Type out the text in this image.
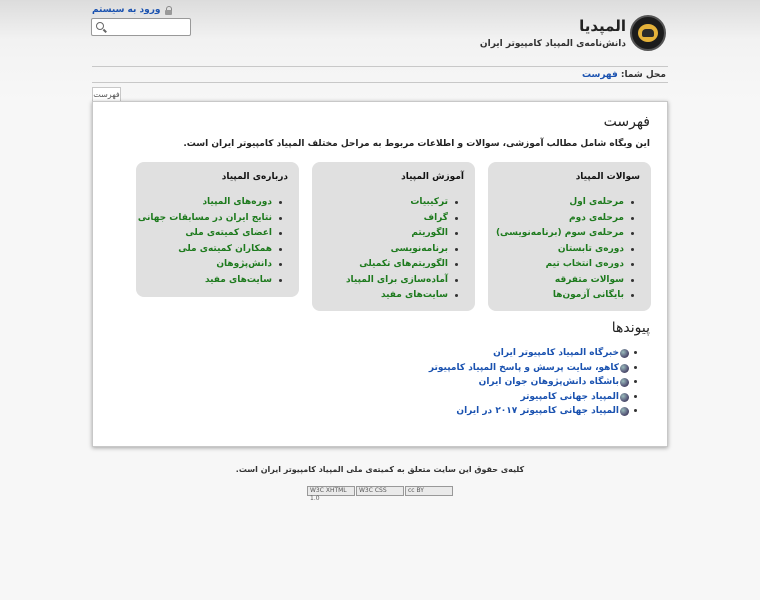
المپدیا
دانش‌نامه‌ی المپیاد کامپیوتر ایران
ورود به سیستم
محل شما: فهرست
فهرست
فهرست
این وبگاه شامل مطالب آموزشی، سوالات و اطلاعات مربوط به مراحل مختلف المپیاد کامپیوتر ایران است.
سوالات المپیاد
مرحله‌ی اول
مرحله‌ی دوم
مرحله‌ی سوم (برنامه‌نویسی)
دوره‌ی تابستان
دوره‌ی انتخاب تیم
سوالات متفرقه
بایگانی آزمون‌ها
آموزش المپیاد
ترکیبیات
گراف
الگوریتم
برنامه‌نویسی
الگوریتم‌های تکمیلی
آماده‌سازی برای المپیاد
سایت‌های مفید
درباره‌ی المپیاد
دوره‌های المپیاد
نتایج ایران در مسابقات جهانی
اعضای کمیته‌ی ملی
همکاران کمیته‌ی ملی
دانش‌پژوهان
سایت‌های مفید
پیوندها
خبرگاه المپیاد کامپیوتر ایران
کاهو، سایت پرسش و پاسخ المپیاد کامپیوتر
باشگاه دانش‌پژوهان جوان ایران
المپیاد جهانی کامپیوتر
المپیاد جهانی کامپیوتر ۲۰۱۷ در ایران
کلیه‌ی حقوق این سایت متعلق به کمیته‌ی ملی المپیاد کامپیوتر ایران است.
W3C XHTML 1.0
W3C CSS	cc BY
